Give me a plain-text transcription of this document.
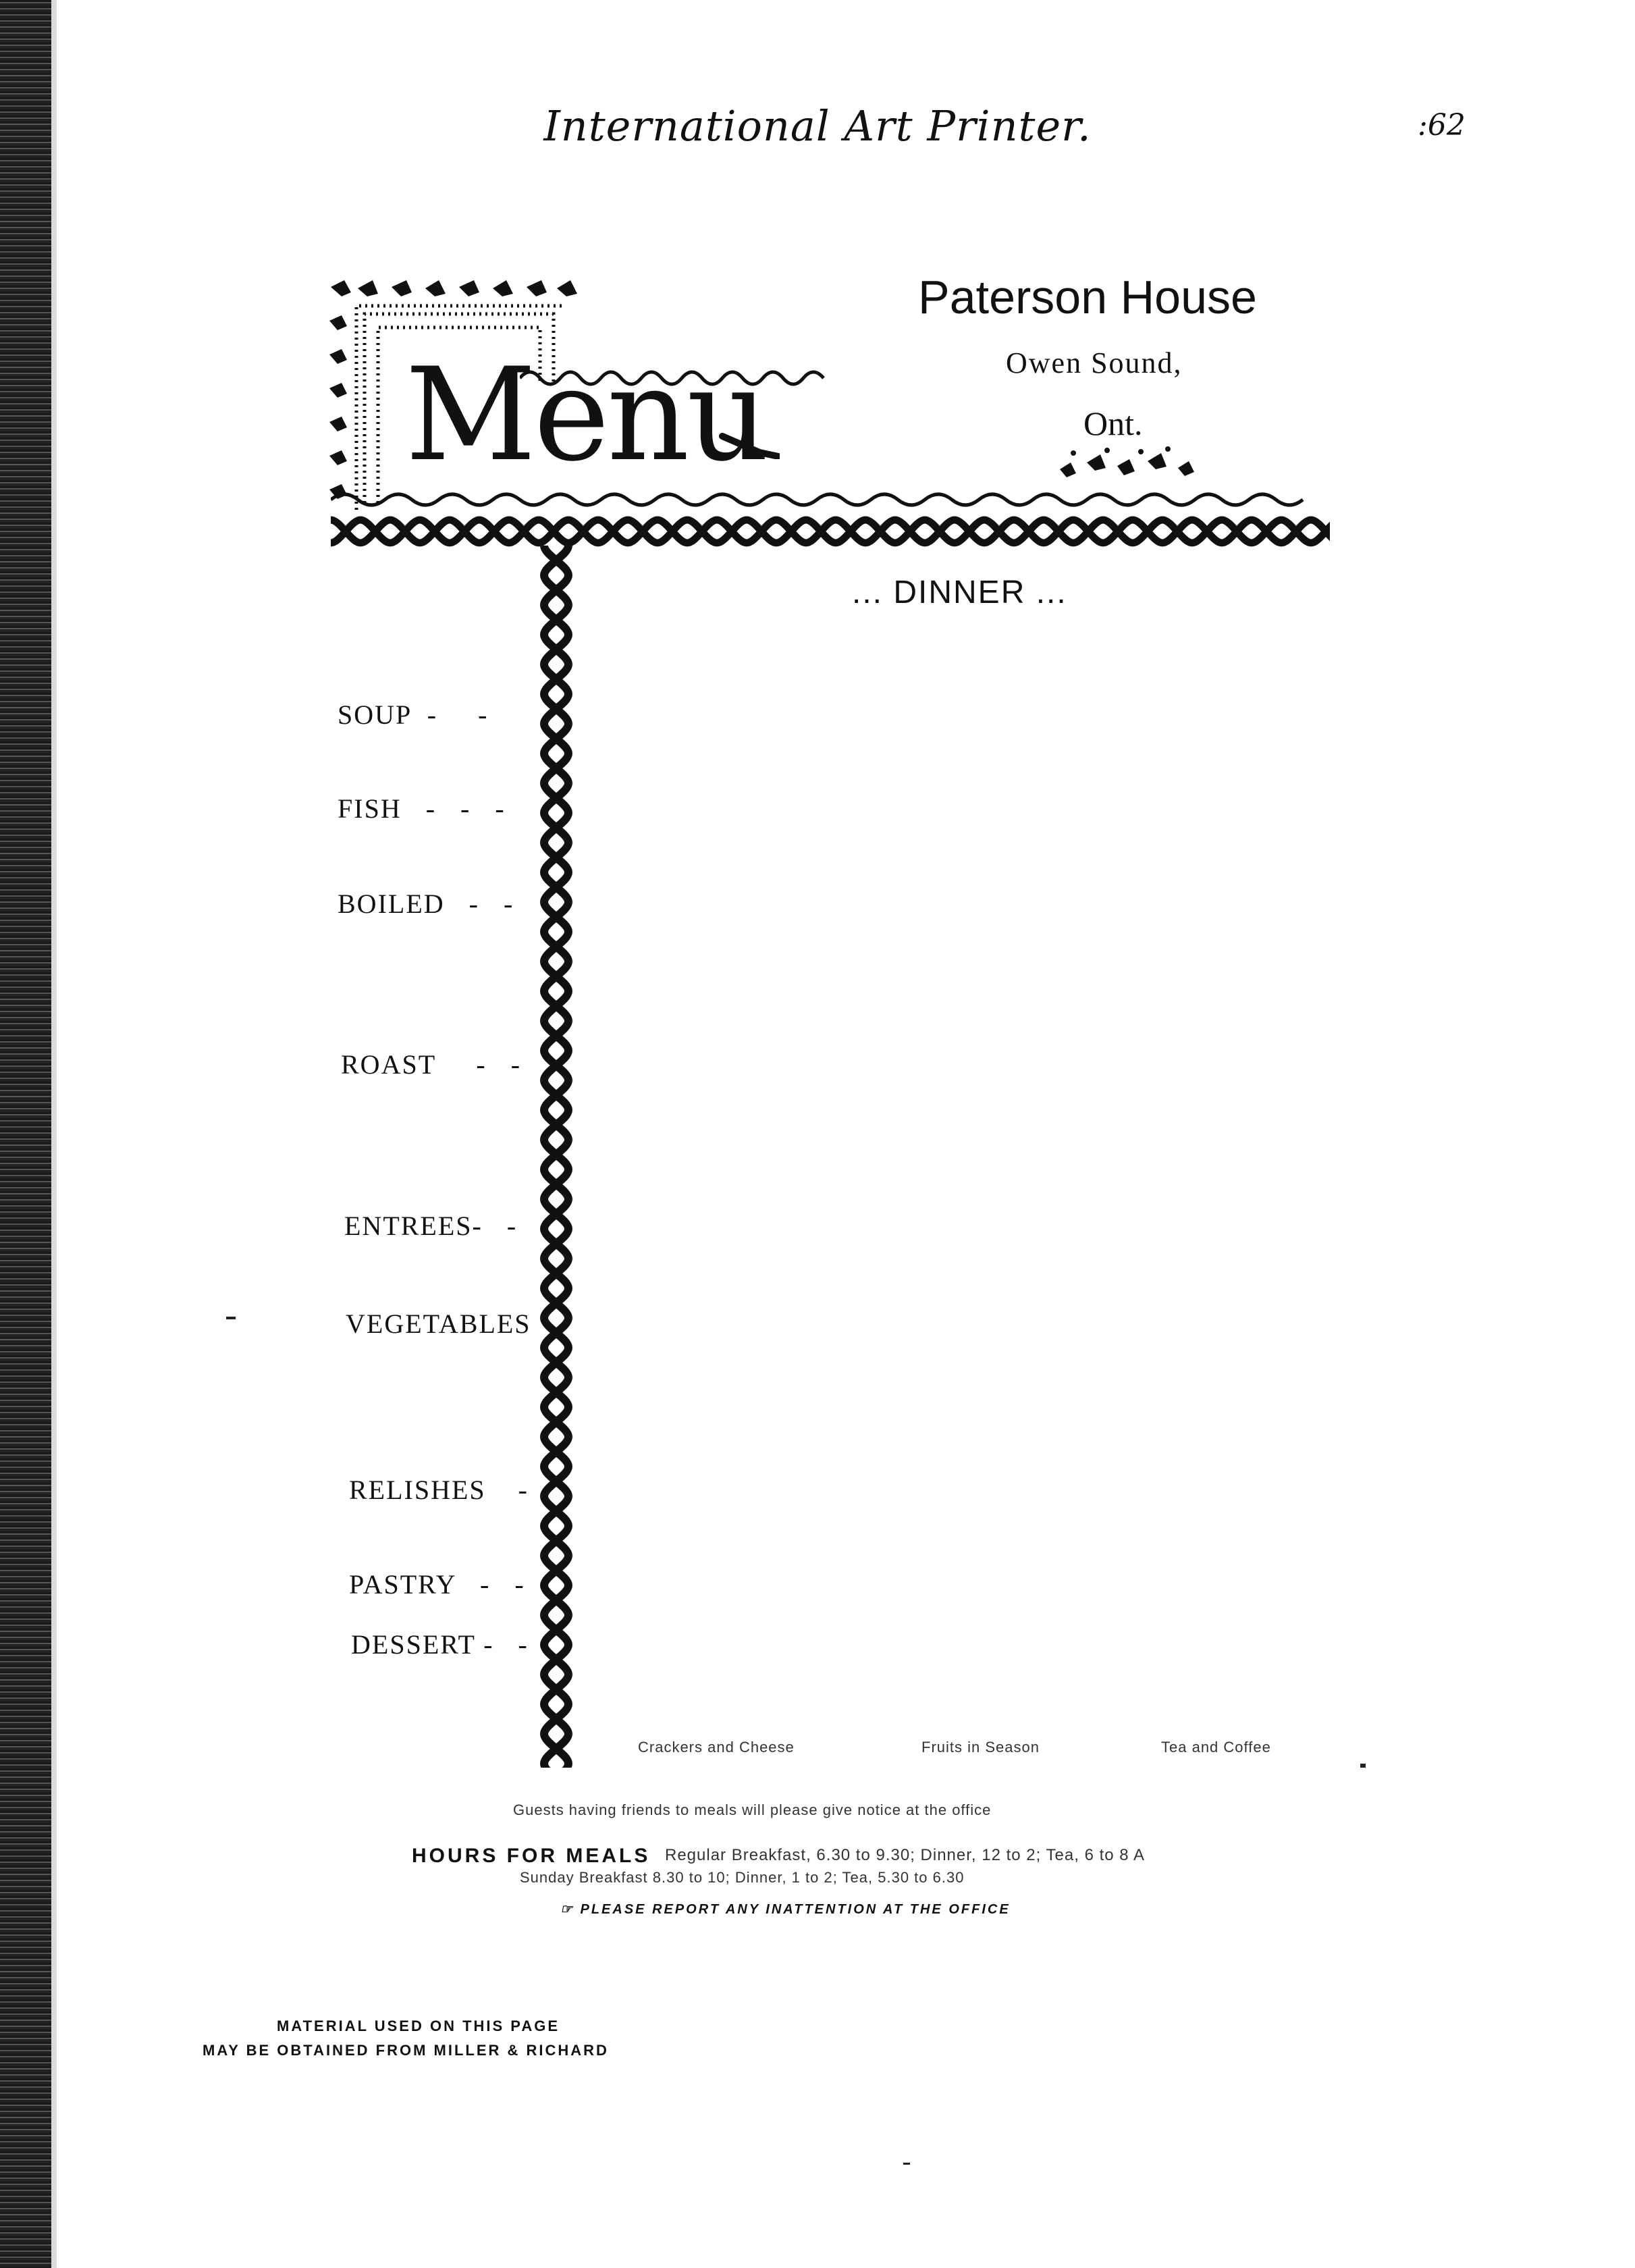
International Art Printer.	:62
Menu
Paterson House
Owen Sound,
Ont.
... DINNER ...
SOUP  -     -
FISH   -   -   -
BOILED   -   -
ROAST     -   -
ENTREES-   -
VEGETABLES
RELISHES    -
PASTRY   -   -
DESSERT -   -
Crackers and Cheese	Fruits in Season	Tea and Coffee
Guests having friends to meals will please give notice at the office
HOURS FOR MEALS Regular Breakfast, 6.30 to 9.30; Dinner, 12 to 2; Tea, 6 to 8 A
Sunday Breakfast 8.30 to 10; Dinner, 1 to 2; Tea, 5.30 to 6.30
☞ PLEASE REPORT ANY INATTENTION AT THE OFFICE
MATERIAL USED ON THIS PAGE
MAY BE OBTAINED FROM MILLER & RICHARD
